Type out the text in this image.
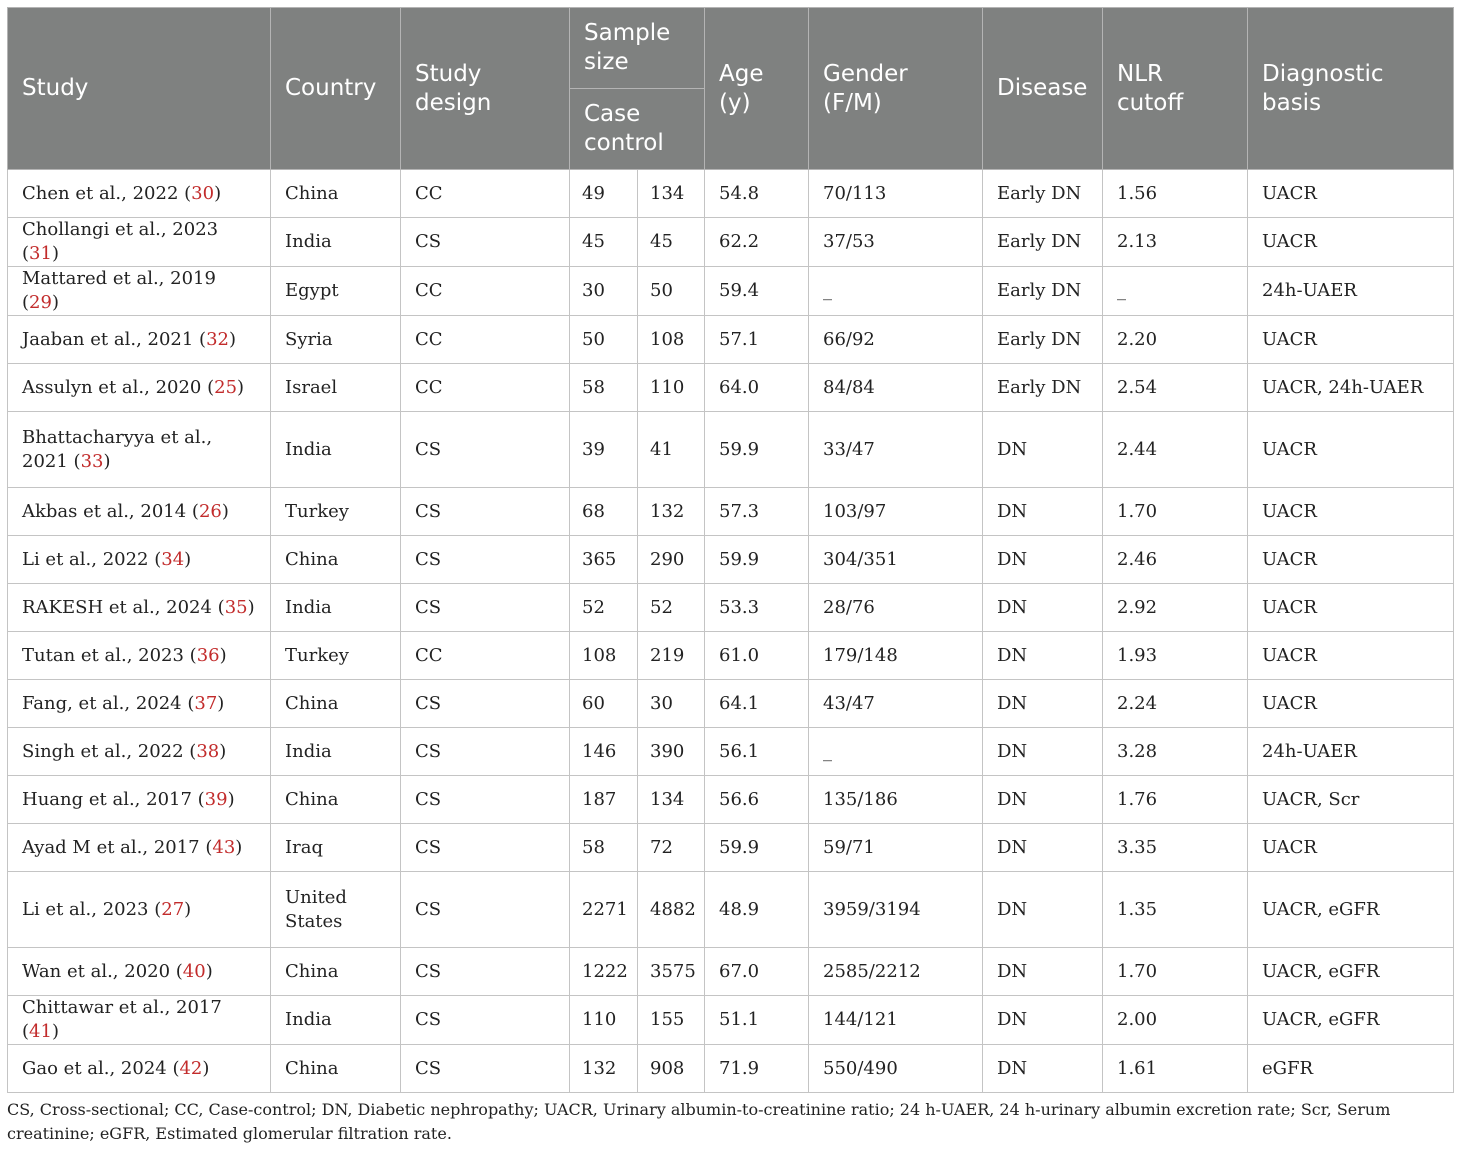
Study	Country	Study design	Sample size		Age (y)	Gender (F/M)	Disease	NLR cutoff	Diagnostic basis
			Case control						
Chen et al., 2022 (30)	China	CC	49	134	54.8	70/113	Early DN	1.56	UACR
Chollangi et al., 2023 (31)	India	CS	45	45	62.2	37/53	Early DN	2.13	UACR
Mattared et al., 2019 (29)	Egypt	CC	30	50	59.4	_	Early DN	_	24h-UAER
Jaaban et al., 2021 (32)	Syria	CC	50	108	57.1	66/92	Early DN	2.20	UACR
Assulyn et al., 2020 (25)	Israel	CC	58	110	64.0	84/84	Early DN	2.54	UACR, 24h-UAER
Bhattacharyya et al., 2021 (33)	India	CS	39	41	59.9	33/47	DN	2.44	UACR
Akbas et al., 2014 (26)	Turkey	CS	68	132	57.3	103/97	DN	1.70	UACR
Li et al., 2022 (34)	China	CS	365	290	59.9	304/351	DN	2.46	UACR
RAKESH et al., 2024 (35)	India	CS	52	52	53.3	28/76	DN	2.92	UACR
Tutan et al., 2023 (36)	Turkey	CC	108	219	61.0	179/148	DN	1.93	UACR
Fang, et al., 2024 (37)	China	CS	60	30	64.1	43/47	DN	2.24	UACR
Singh et al., 2022 (38)	India	CS	146	390	56.1	_	DN	3.28	24h-UAER
Huang et al., 2017 (39)	China	CS	187	134	56.6	135/186	DN	1.76	UACR, Scr
Ayad M et al., 2017 (43)	Iraq	CS	58	72	59.9	59/71	DN	3.35	UACR
Li et al., 2023 (27)	United States	CS	2271	4882	48.9	3959/3194	DN	1.35	UACR, eGFR
Wan et al., 2020 (40)	China	CS	1222	3575	67.0	2585/2212	DN	1.70	UACR, eGFR
Chittawar et al., 2017 (41)	India	CS	110	155	51.1	144/121	DN	2.00	UACR, eGFR
Gao et al., 2024 (42)	China	CS	132	908	71.9	550/490	DN	1.61	eGFR
CS, Cross-sectional; CC, Case-control; DN, Diabetic nephropathy; UACR, Urinary albumin-to-creatinine ratio; 24 h-UAER, 24 h-urinary albumin excretion rate; Scr, Serum creatinine; eGFR, Estimated glomerular filtration rate.
